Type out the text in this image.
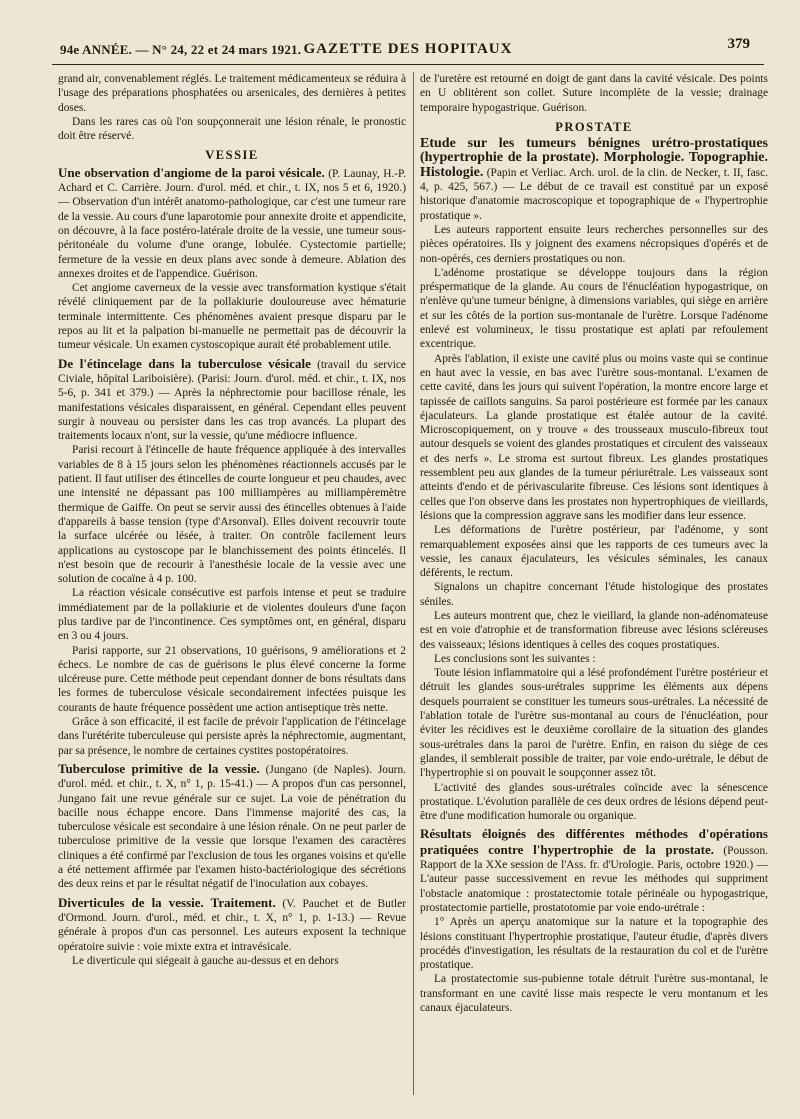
94e ANNÉE. — N° 24, 22 et 24 mars 1921. GAZETTE DES HOPITAUX	379

grand air, convenablement réglés. Le traitement médicamenteux se réduira à l'usage des préparations phosphatées ou arsenicales, des dernières à petites doses.

Dans les rares cas où l'on soupçonnerait une lésion rénale, le pronostic doit être réservé.

VESSIE

Une observation d'angiome de la paroi vésicale. (P. Launay, H.-P. Achard et C. Carrière. Journ. d'urol. méd. et chir., t. IX, nos 5 et 6, 1920.) — Observation d'un intérêt anatomo-pathologique, car c'est une tumeur rare de la vessie. Au cours d'une laparotomie pour annexite droite et appendicite, on découvre, à la face postéro-latérale droite de la vessie, une tumeur sous-péritonéale du volume d'une orange, lobulée. Cystectomie partielle; fermeture de la vessie en deux plans avec sonde à demeure. Ablation des annexes droites et de l'appendice. Guérison.

Cet angiome caverneux de la vessie avec transformation kystique s'était révélé cliniquement par de la pollakiurie douloureuse avec hématurie terminale intermittente. Ces phénomènes avaient presque disparu par le repos au lit et la palpation bi-manuelle ne permettait pas de découvrir la tumeur vésicale. Un examen cystoscopique aurait été probablement utile.

De l'étincelage dans la tuberculose vésicale (travail du service Civiale, hôpital Lariboisière). (Parisi: Journ. d'urol. méd. et chir., t. IX, nos 5-6, p. 341 et 379.) — Après la néphrectomie pour bacillose rénale, les manifestations vésicales disparaissent, en général. Cependant elles peuvent surgir à nouveau ou persister dans les cas trop avancés. La plupart des traitements locaux n'ont, sur la vessie, qu'une médiocre influence.

Parisi recourt à l'étincelle de haute fréquence appliquée à des intervalles variables de 8 à 15 jours selon les phénomènes réactionnels accusés par le patient. Il faut utiliser des étincelles de courte longueur et peu chaudes, avec une intensité ne dépassant pas 100 milliampères au milliampèremètre thermique de Gaiffe. On peut se servir aussi des étincelles obtenues à l'aide d'appareils à basse tension (type d'Arsonval). Elles doivent recouvrir toute la surface ulcérée ou lésée, à traiter. On contrôle facilement leurs applications au cystoscope par le blanchissement des points étincelés. Il n'est besoin que de recourir à l'anesthésie locale de la vessie avec une solution de cocaïne à 4 p. 100.

La réaction vésicale consécutive est parfois intense et peut se traduire immédiatement par de la pollakiurie et de violentes douleurs d'une façon plus tardive par de l'incontinence. Ces symptômes ont, en général, disparu en 3 ou 4 jours.

Parisi rapporte, sur 21 observations, 10 guérisons, 9 améliorations et 2 échecs. Le nombre de cas de guérisons le plus élevé concerne la forme ulcéreuse pure. Cette méthode peut cependant donner de bons résultats dans les formes de tuberculose vésicale secondairement infectées puisque les courants de haute fréquence possèdent une action antiseptique très nette.

Grâce à son efficacité, il est facile de prévoir l'application de l'étincelage dans l'urétérite tuberculeuse qui persiste après la néphrectomie, augmentant, par sa présence, le nombre de certaines cystites postopératoires.

Tuberculose primitive de la vessie. (Jungano (de Naples). Journ. d'urol. méd. et chir., t. X, n° 1, p. 15-41.) — A propos d'un cas personnel, Jungano fait une revue générale sur ce sujet. La voie de pénétration du bacille nous échappe encore. Dans l'immense majorité des cas, la tuberculose vésicale est secondaire à une lésion rénale. On ne peut parler de tuberculose primitive de la vessie que lorsque l'examen des caractères cliniques a été confirmé par l'exclusion de tous les organes voisins et qu'elle a été nettement affirmée par l'examen histo-bactériologique des sécrétions des deux reins et par le résultat négatif de l'inoculation aux cobayes.

Diverticules de la vessie. Traitement. (V. Pauchet et de Butler d'Ormond. Journ. d'urol., méd. et chir., t. X, n° 1, p. 1-13.) — Revue générale à propos d'un cas personnel. Les auteurs exposent la technique opératoire suivie : voie mixte extra et intravésicale.

Le diverticule qui siégeait à gauche au-dessus et en dehors

de l'uretère est retourné en doigt de gant dans la cavité vésicale. Des points en U oblitèrent son collet. Suture incomplète de la vessie; drainage temporaire hypogastrique. Guérison.

PROSTATE

Etude sur les tumeurs bénignes urétro-prostatiques (hypertrophie de la prostate). Morphologie. Topographie. Histologie. (Papin et Verliac. Arch. urol. de la clin. de Necker, t. II, fasc. 4, p. 425, 567.) — Le début de ce travail est constitué par un exposé historique d'anatomie macroscopique et topographique de « l'hypertrophie prostatique ».

Les auteurs rapportent ensuite leurs recherches personnelles sur des pièces opératoires. Ils y joignent des examens nécropsiques d'opérés et de non-opérés, ces derniers prostatiques ou non.

L'adénome prostatique se développe toujours dans la région préspermatique de la glande. Au cours de l'énucléation hypogastrique, on n'enlève qu'une tumeur bénigne, à dimensions variables, qui siège en arrière et sur les côtés de la portion sus-montanale de l'urètre. Lorsque l'adénome enlevé est volumineux, le tissu prostatique est aplati par refoulement excentrique.

Après l'ablation, il existe une cavité plus ou moins vaste qui se continue en haut avec la vessie, en bas avec l'urètre sous-montanal. L'examen de cette cavité, dans les jours qui suivent l'opération, la montre encore large et tapissée de caillots sanguins. Sa paroi postérieure est formée par les canaux éjaculateurs. La glande prostatique est étalée autour de la cavité. Microscopiquement, on y trouve « des trousseaux musculo-fibreux tout autour desquels se voient des glandes prostatiques et circulent des vaisseaux et des nerfs ». Le stroma est surtout fibreux. Les glandes prostatiques ressemblent peu aux glandes de la tumeur périurétrale. Les vaisseaux sont atteints d'endo et de périvascularite fibreuse. Ces lésions sont identiques à celles que l'on observe dans les prostates non hypertrophiques de vieillards, lésions que la compression aggrave sans les modifier dans leur essence.

Les déformations de l'urètre postérieur, par l'adénome, y sont remarquablement exposées ainsi que les rapports de ces tumeurs avec la vessie, les canaux éjaculateurs, les vésicules séminales, les canaux déférents, le rectum.

Signalons un chapitre concernant l'étude histologique des prostates séniles.

Les auteurs montrent que, chez le vieillard, la glande non-adénomateuse est en voie d'atrophie et de transformation fibreuse avec lésions scléreuses des vaisseaux; lésions identiques à celles des coques prostatiques.

Les conclusions sont les suivantes :

Toute lésion inflammatoire qui a lésé profondément l'urètre postérieur et détruit les glandes sous-urétrales supprime les éléments aux dépens desquels pourraient se constituer les tumeurs sous-urétrales. La nécessité de l'ablation totale de l'urètre sus-montanal au cours de l'énucléation, pour éviter les récidives est le deuxième corollaire de la situation des glandes sous-urétrales dans la paroi de l'urètre. Enfin, en raison du siège de ces glandes, il semblerait possible de traiter, par voie endo-urétrale, le début de l'hypertrophie si on pouvait le soupçonner assez tôt.

L'activité des glandes sous-urétrales coïncide avec la sénescence prostatique. L'évolution parallèle de ces deux ordres de lésions dépend peut-être d'une modification humorale ou organique.

Résultats éloignés des différentes méthodes d'opérations pratiquées contre l'hypertrophie de la prostate. (Pousson. Rapport de la XXe session de l'Ass. fr. d'Urologie. Paris, octobre 1920.) — L'auteur passe successivement en revue les méthodes qui suppriment l'obstacle anatomique : prostatectomie totale périnéale ou hypogastrique, prostatectomie partielle, prostatotomie par voie endo-urétrale :

1° Après un aperçu anatomique sur la nature et la topographie des lésions constituant l'hypertrophie prostatique, l'auteur étudie, d'après divers procédés d'investigation, les résultats de la restauration du col et de l'urètre prostatique.

La prostatectomie sus-pubienne totale détruit l'urètre sus-montanal, le transformant en une cavité lisse mais respecte le veru montanum et les canaux éjaculateurs.
